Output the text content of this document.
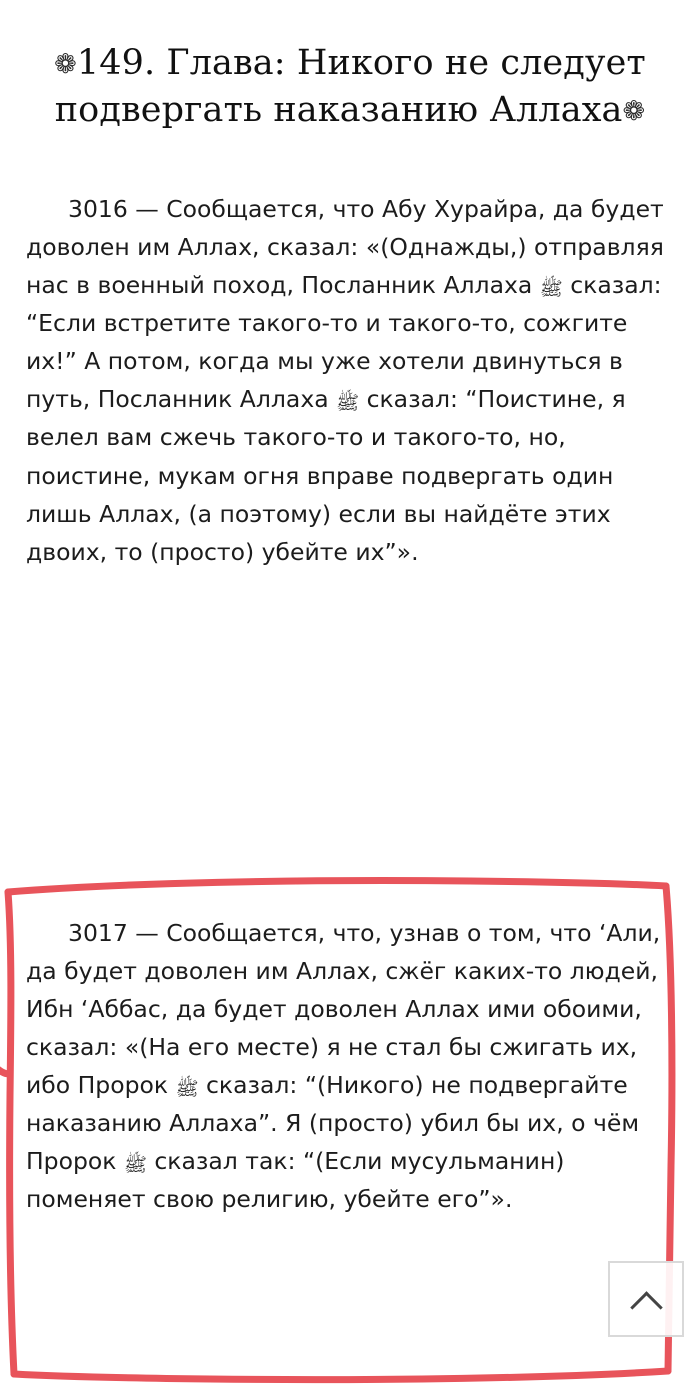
❁149. Глава: Никого не следует подвергать наказанию Аллаха❁

3016 — Сообщается, что Абу Хурайра, да будет доволен им Аллах, сказал: «(Однажды,) отправляя нас в военный поход, Посланник Аллаха ﷺ сказал: “Если встретите такого-то и такого-то, сожгите их!” А потом, когда мы уже хотели двинуться в путь, Посланник Аллаха ﷺ сказал: “Поистине, я велел вам сжечь такого-то и такого-то, но, поистине, мукам огня вправе подвергать один лишь Аллах, (а поэтому) если вы найдёте этих двоих, то (просто) убейте их”».

3017 — Сообщается, что, узнав о том, что ‘Али, да будет доволен им Аллах, сжёг каких-то людей, Ибн ‘Аббас, да будет доволен Аллах ими обоими, сказал: «(На его месте) я не стал бы сжигать их, ибо Пророк ﷺ сказал: “(Никого) не подвергайте наказанию Аллаха”. Я (просто) убил бы их, о чём Пророк ﷺ сказал так: “(Если мусульманин) поменяет свою религию, убейте его”».
